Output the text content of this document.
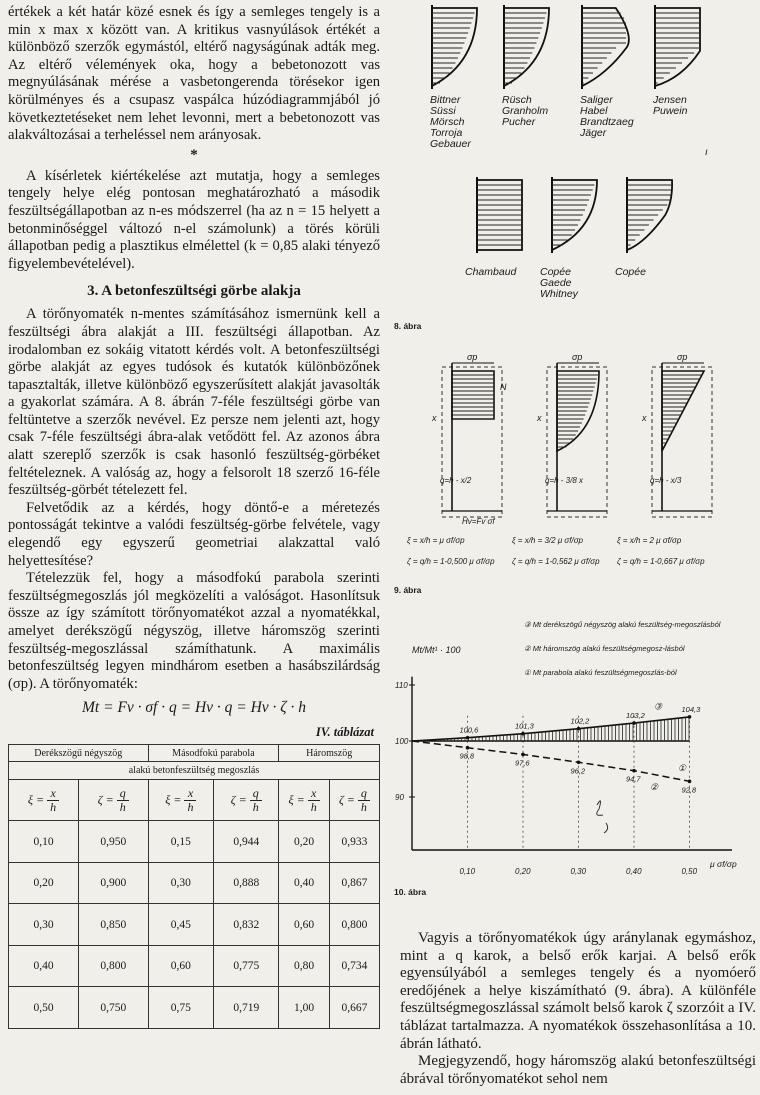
értékek a két határ közé esnek és így a semleges tengely is a min x max x között van. A kritikus vasnyúlások értékét a különböző szerzők egymástól, eltérő nagyságúnak adták meg. Az eltérő vélemények oka, hogy a bebetonozott vas megnyúlásának mérése a vasbetongerenda törésekor igen körülményes és a csupasz vaspálca húzódiagrammjából jó következtetéseket nem lehet levonni, mert a bebetonozott vas alakváltozásai a terheléssel nem arányosak.

*

A kísérletek kiértékelése azt mutatja, hogy a semleges tengely helye elég pontosan meghatározható a második feszültségállapotban az n-es módszerrel (ha az n = 15 helyett a betonminőséggel változó n-el számolunk) a törés körüli állapotban pedig a plasztikus elmélettel (k = 0,85 alaki tényező figyelembevételével).

3. A betonfeszültségi görbe alakja

A törőnyomaték n-mentes számításához ismernünk kell a feszültségi ábra alakját a III. feszültségi állapotban. Az irodalomban ez sokáig vitatott kérdés volt. A betonfeszültségi görbe alakját az egyes tudósok és kutatók különbözőnek tapasztalták, illetve különböző egyszerűsített alakját javasolták a gyakorlat számára. A 8. ábrán 7-féle feszültségi görbe van feltüntetve a szerzők nevével. Ez persze nem jelenti azt, hogy csak 7-féle feszültségi ábra-alak vetődött fel. Az azonos ábra alatt szereplő szerzők is csak hasonló feszültség-görbéket feltételeznek. A valóság az, hogy a felsorolt 18 szerző 16-féle feszültség-görbét tételezett fel.

Felvetődik az a kérdés, hogy döntő-e a méretezés pontosságát tekintve a valódi feszültség-görbe felvétele, vagy elegendő egy egyszerű geometriai alakzattal való helyettesítése?

Tételezzük fel, hogy a másodfokú parabola szerinti feszültségmegoszlás jól megközelíti a valóságot. Hasonlítsuk össze az így számított törőnyomatékot azzal a nyomatékkal, amelyet derékszögű négyszög, illetve háromszög szerinti feszültség-megoszlással számíthatunk. A maximális betonfeszültség legyen mindhárom esetben a hasábszilárdság (σp). A törőnyomaték:

Mt = Fv · σf · q = Hv · q = Hv · ζ · h
IV. táblázat
Derékszögű négyszög		Másodfokú parabola		Háromszög	
alakú betonfeszültség megoszlás					
$\xi = \frac{x}{h}$	$\zeta = \frac{q}{h}$	$\xi = \frac{x}{h}$	$\zeta = \frac{q}{h}$	$\xi = \frac{x}{h}$	$\zeta = \frac{q}{h}$

0,10	0,950	0,15	0,944	0,20	0,933
0,20	0,900	0,30	0,888	0,40	0,867
0,30	0,850	0,45	0,832	0,60	0,800
0,40	0,800	0,60	0,775	0,80	0,734
0,50	0,750	0,75	0,719	1,00	0,667
Bittner
Süssi
Mörsch
Torroja
Gebauer
Rüsch
Granholm
Pucher
Saliger
Habel
Brandtzaeg
Jäger
Jensen
Puwein
ı
Chambaud Copée
Gaede
Whitney
Copée
8. ábra
σp
x
q=h - x/2
ξ = x/h = μ σf/σp
ζ = q/h = 1-0,500 μ σf/σp
σp
x
q=h - 3/8 x
ξ = x/h = 3/2 μ σf/σp
ζ = q/h = 1-0,562 μ σf/σp
σp
x
q=h - x/3
ξ = x/h = 2 μ σf/σp
ζ = q/h = 1-0,667 μ σf/σp
N
Hv=Fv σf
9. ábra
90
100
110
0,10	0,20	0,30	0,40	0,50
100,6	101,3
102,2
103,2
104,3
98,8
97,6
96,2
94,7
92,8
③
②
①
Mt/Mt¹ · 100
μ σf/σp
③ Mt derékszögű négyszög alakú feszültség-megoszlásból
② Mt háromszög alakú feszültségmegosz-lásból
① Mt parabola alakú feszültségmegoszlás-ból
10. ábra

Vagyis a törőnyomatékok úgy aránylanak egymáshoz, mint a q karok, a belső erők karjai. A belső erők egyensúlyából a semleges tengely és a nyomóerő eredőjének a helye kiszámítható (9. ábra). A különféle feszültségmegoszlással számolt belső karok ζ szorzóit a IV. táblázat tartalmazza. A nyomatékok összehasonlítása a 10. ábrán látható.

Megjegyzendő, hogy háromszög alakú betonfeszültségi ábrával törőnyomatékot sehol nem
